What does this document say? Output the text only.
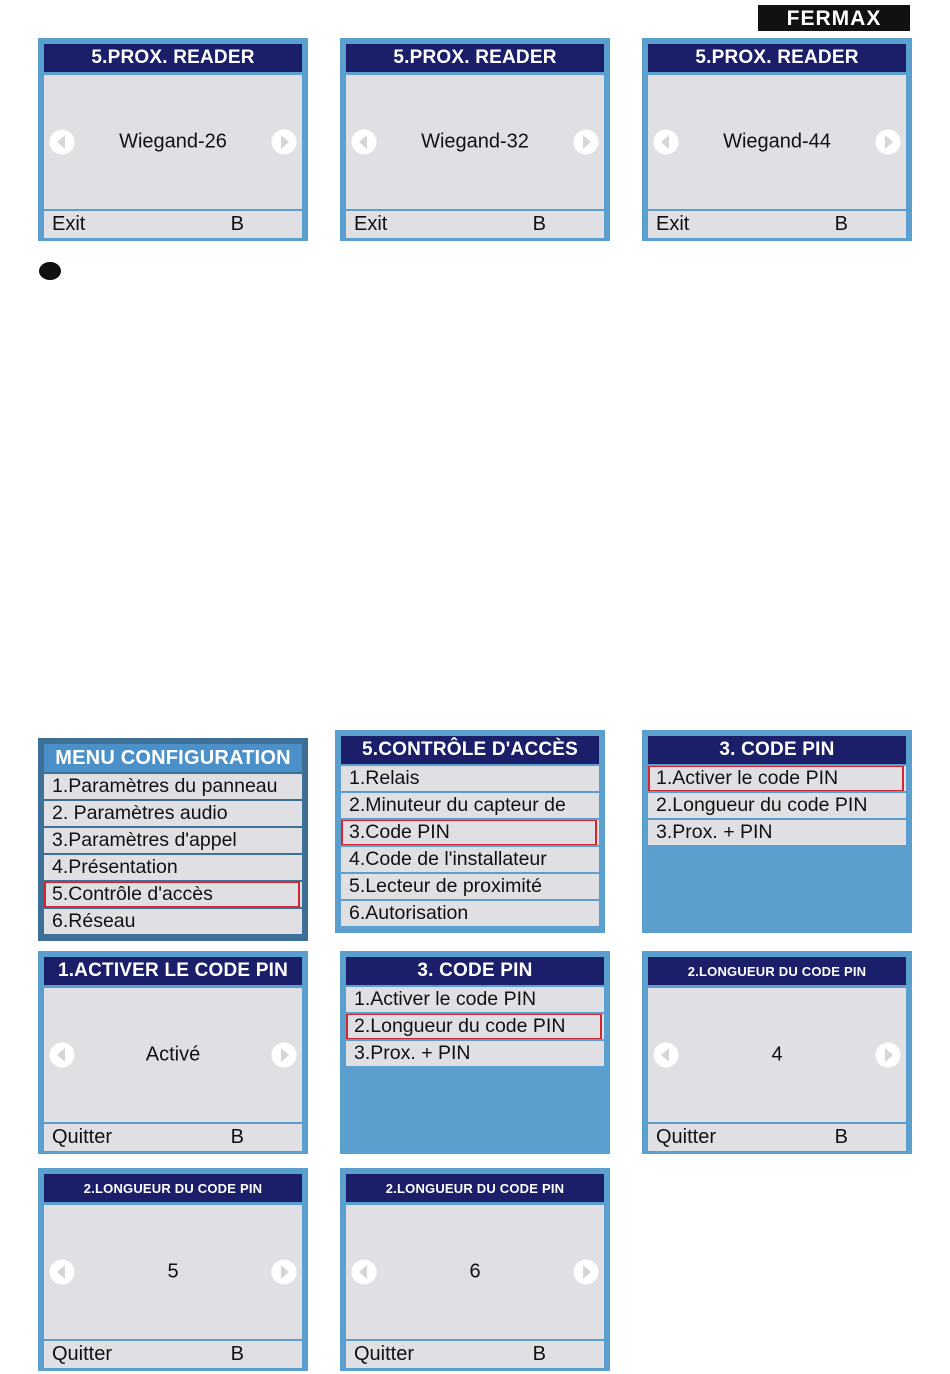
FERMAX
5.PROX. READER
Wiegand-26
Exit	B
5.PROX. READER
Wiegand-32
Exit	B
5.PROX. READER
Wiegand-44
Exit	B
MENU CONFIGURATION
1.Paramètres du panneau
2. Paramètres audio
3.Paramètres d'appel
4.Présentation
5.Contrôle d'accès
6.Réseau
5.CONTRÔLE D'ACCÈS
1.Relais
2.Minuteur du capteur de
3.Code PIN
4.Code de l'installateur
5.Lecteur de proximité
6.Autorisation
3. CODE PIN
1.Activer le code PIN
2.Longueur du code PIN
3.Prox. + PIN
1.ACTIVER LE CODE PIN
Activé
Quitter	B
3. CODE PIN
1.Activer le code PIN
2.Longueur du code PIN
3.Prox. + PIN
2.LONGUEUR DU CODE PIN
4
Quitter	B
2.LONGUEUR DU CODE PIN
5
Quitter	B
2.LONGUEUR DU CODE PIN
6
Quitter	B
